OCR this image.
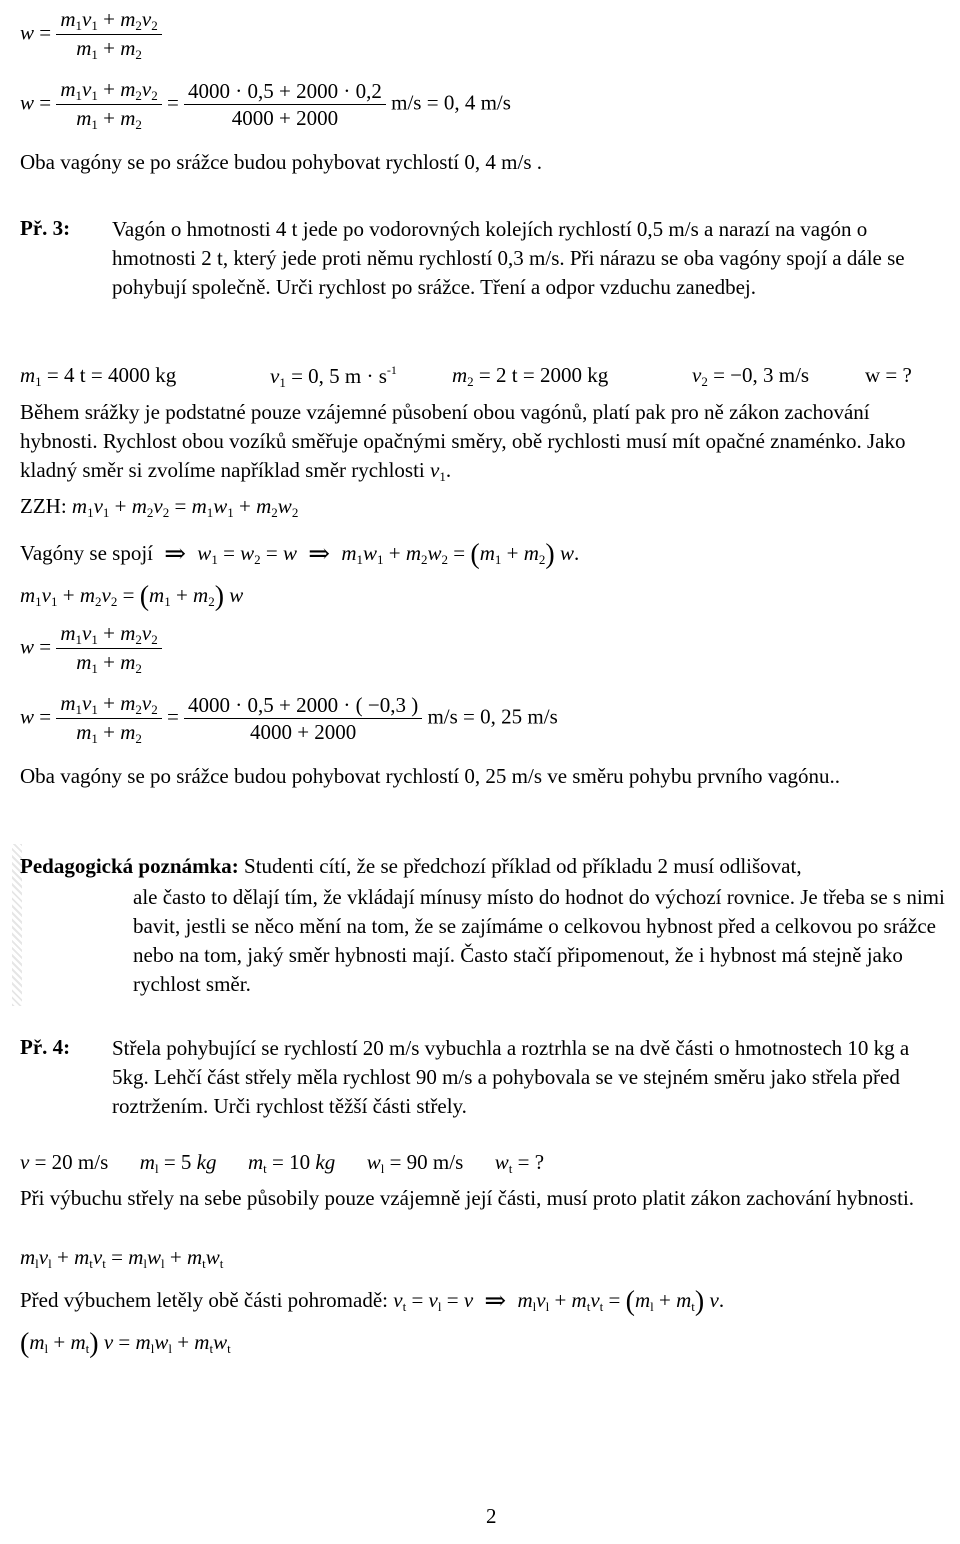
$w = \frac{m_1v_1 + m_2v_2}{m_1 + m_2}$
$w = \frac{m_1v_1 + m_2v_2}{m_1 + m_2} = \frac{4000 \cdot 0,5 + 2000 \cdot 0,2}{4000 + 2000} m/s = 0$, 4 m/s
Oba vagóny se po srážce budou pohybovat rychlostí 0, 4 m/s .
Př. 3: Vagón o hmotnosti 4 t jede po vodorovných kolejích rychlostí 0,5 m/s a narazí na vagón o hmotnosti 2 t, který jede proti němu rychlostí 0,3 m/s. Při nárazu se oba vagóny spojí a dále se pohybují společně. Urči rychlost po srážce. Tření a odpor vzduchu zanedbej.
$m_1 = 4$ t = 4000 kg	$v_1 = 0$, 5 $m \cdot s^{-1}$	$m_2 = 2$ t = 2000 kg	$v_2 = -0$, 3 m/s	w = ?
Během srážky je podstatné pouze vzájemné působení obou vagónů, platí pak pro ně zákon zachování hybnosti. Rychlost obou vozíků směřuje opačnými směry, obě rychlosti musí mít opačné znaménko. Jako kladný směr si zvolíme například směr rychlosti $v_1$.
ZZH: $m_1v_1 + m_2v_2 = m_1w_1 + m_2w_2$
Vagóny se spojí ⇒ $w_1 = w_2 = w$ ⇒ $m_1w_1 + m_2w_2 = (m_1 + m_2)$ w.
$m_1v_1 + m_2v_2 = (m_1 + m_2)$ w
$w = \frac{m_1v_1 + m_2v_2}{m_1 + m_2}$
$w = \frac{m_1v_1 + m_2v_2}{m_1 + m_2} = \frac{4000 \cdot 0,5 + 2000 \cdot ( -0,3 )}{4000 + 2000} m/s = 0$, 25 m/s
Oba vagóny se po srážce budou pohybovat rychlostí 0, 25 m/s ve směru pohybu prvního vagónu..
Pedagogická poznámka: Studenti cítí, že se předchozí příklad od příkladu 2 musí odlišovat,
ale často to dělají tím, že vkládají mínusy místo do hodnot do výchozí rovnice. Je třeba se s nimi bavit, jestli se něco mění na tom, že se zajímáme o celkovou hybnost před a celkovou po srážce nebo na tom, jaký směr hybnosti mají. Často stačí připomenout, že i hybnost má stejně jako rychlost směr.
Př. 4: Střela pohybující se rychlostí 20 m/s vybuchla a roztrhla se na dvě části o hmotnostech 10 kg a 5kg. Lehčí část střely měla rychlost 90 m/s a pohybovala se ve stejném směru jako střela před roztržením. Urči rychlost těžší části střely.
v = 20 m/s      $m_l = 5$ kg $m_t = 10$ kg $w_l = 90$ m/s      $w_t$ = ?
Při výbuchu střely na sebe působily pouze vzájemně její části, musí proto platit zákon zachování hybnosti.
$m_lv_l + m_tv_t = m_lw_l + m_tw_t$
Před výbuchem letěly obě části pohromadě: $v_t = v_l = v$ ⇒ $m_lv_l + m_tv_t = (m_l + m_t)$ v.
$(m_l + m_t) v = m_lw_l + m_tw_t$
2
